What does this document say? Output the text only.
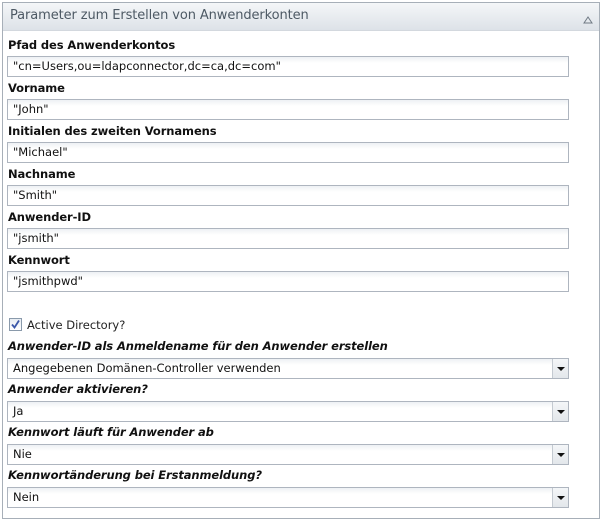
Parameter zum Erstellen von Anwenderkonten
Pfad des Anwenderkontos
"cn=Users,ou=ldapconnector,dc=ca,dc=com"
Vorname
"John"
Initialen des zweiten Vornamens
"Michael"
Nachname
"Smith"
Anwender-ID
"jsmith"
Kennwort
"jsmithpwd"
Active Directory?
Anwender-ID als Anmeldename für den Anwender erstellen
Angegebenen Domänen-Controller verwenden
Anwender aktivieren?
Ja
Kennwort läuft für Anwender ab
Nie
Kennwortänderung bei Erstanmeldung?
Nein
